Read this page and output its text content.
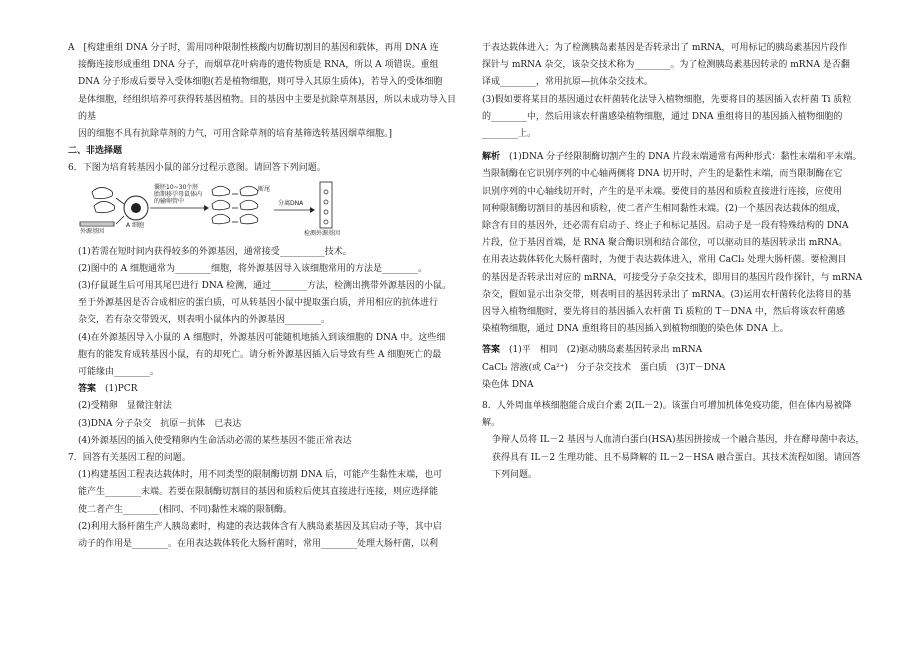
A　[构建重组 DNA 分子时，需用同种限制性核酸内切酶切割目的基因和载体，再用 DNA 连

接酶连接形成重组 DNA 分子，而烟草花叶病毒的遗传物质是 RNA，所以 A 项错误。重组

DNA 分子形成后要导入受体细胞(若是植物细胞，则可导入其原生质体)，若导入的受体细胞

是体细胞，经组织培养可获得转基因植物。目的基因中主要是抗除草剂基因，所以未成功导入目的基

因的细胞不具有抗除草剂的力气，可用含除草剂的培育基筛选转基因烟草细胞。]

二、非选择题

6．下图为培育转基因小鼠的部分过程示意图。请回答下列问题。

外源基因
A 细胞
囊胚10~30个胚胎期移孕母鼠体内的输卵管中
断尾
分离DNA
检测外源基因

(1)若需在短时间内获得较多的外源基因，通常接受__________技术。

(2)图中的 A 细胞通常为________细胞，将外源基因导入该细胞常用的方法是________。

(3)仔鼠诞生后可用其尾巴进行 DNA 检测，通过________方法，检测出携带外源基因的小鼠。

至于外源基因是否合成相应的蛋白质，可从转基因小鼠中提取蛋白质，并用相应的抗体进行

杂交，若有杂交带毁灭，则表明小鼠体内的外源基因________。

(4)在外源基因导入小鼠的 A 细胞时，外源基因可能随机地插入到该细胞的 DNA 中。这些细

胞有的能发育成转基因小鼠，有的却死亡。请分析外源基因插入后导致有些 A 细胞死亡的最

可能缘由________。

答案　 (1)PCR

(2)受精卵　显微注射法

(3)DNA 分子杂交　抗原－抗体　已表达

(4)外源基因的插入使受精卵内生命活动必需的某些基因不能正常表达

7．回答有关基因工程的问题。

(1)构建基因工程表达载体时，用不同类型的限制酶切割 DNA 后，可能产生黏性末端，也可

能产生________末端。若要在限制酶切割目的基因和质粒后使其直接进行连接，则应选择能

使二者产生________(相同、不同)黏性末端的限制酶。

(2)利用大肠杆菌生产人胰岛素时，构建的表达载体含有人胰岛素基因及其启动子等，其中启

动子的作用是________。在用表达载体转化大肠杆菌时，常用________处理大肠杆菌，以利

于表达载体进入；为了检测胰岛素基因是否转录出了 mRNA，可用标记的胰岛素基因片段作

探针与 mRNA 杂交，该杂交技术称为________。为了检测胰岛素基因转录的 mRNA 是否翻

译成________，常用抗原—抗体杂交技术。

(3)假如要将某目的基因通过农杆菌转化法导入植物细胞，先要将目的基因插入农杆菌 Ti 质粒

的________中，然后用该农杆菌感染植物细胞，通过 DNA 重组将目的基因插入植物细胞的

________上。

解析　 (1)DNA 分子经限制酶切割产生的 DNA 片段末端通常有两种形式：黏性末端和平末端。

当限制酶在它识别序列的中心轴两侧将 DNA 切开时，产生的是黏性末端，而当限制酶在它

识别序列的中心轴线切开时，产生的是平末端。要使目的基因和质粒直接进行连接，应使用

同种限制酶切割目的基因和质粒，使二者产生相同黏性末端。(2)一个基因表达载体的组成，

除含有目的基因外，还必需有启动子、终止子和标记基因。启动子是一段有特殊结构的 DNA

片段，位于基因首端，是 RNA 聚合酶识别和结合部位，可以驱动目的基因转录出 mRNA。

在用表达载体转化大肠杆菌时，为便于表达载体进入，常用 CaCl₂ 处理大肠杆菌。要检测目

的基因是否转录出对应的 mRNA，可接受分子杂交技术，即用目的基因片段作探针，与 mRNA

杂交，假如显示出杂交带，则表明目的基因转录出了 mRNA。(3)运用农杆菌转化法将目的基

因导入植物细胞时，要先将目的基因插入农杆菌 Ti 质粒的 T－DNA 中，然后将该农杆菌感

染植物细胞，通过 DNA 重组将目的基因插入到植物细胞的染色体 DNA 上。

答案　 (1)平　相同　(2)驱动胰岛素基因转录出 mRNA

CaCl₂ 溶液(或 Ca²⁺)　分子杂交技术　蛋白质　(3)T－DNA

染色体 DNA

8．人外周血单核细胞能合成白介素 2(IL－2)。该蛋白可增加机体免疫功能，但在体内易被降解。

争辩人员将 IL－2 基因与人血清白蛋白(HSA)基因拼接成一个融合基因，并在酵母菌中表达，

获得具有 IL－2 生理功能、且不易降解的 IL－2－HSA 融合蛋白。其技术流程如图。请回答

下列问题。
